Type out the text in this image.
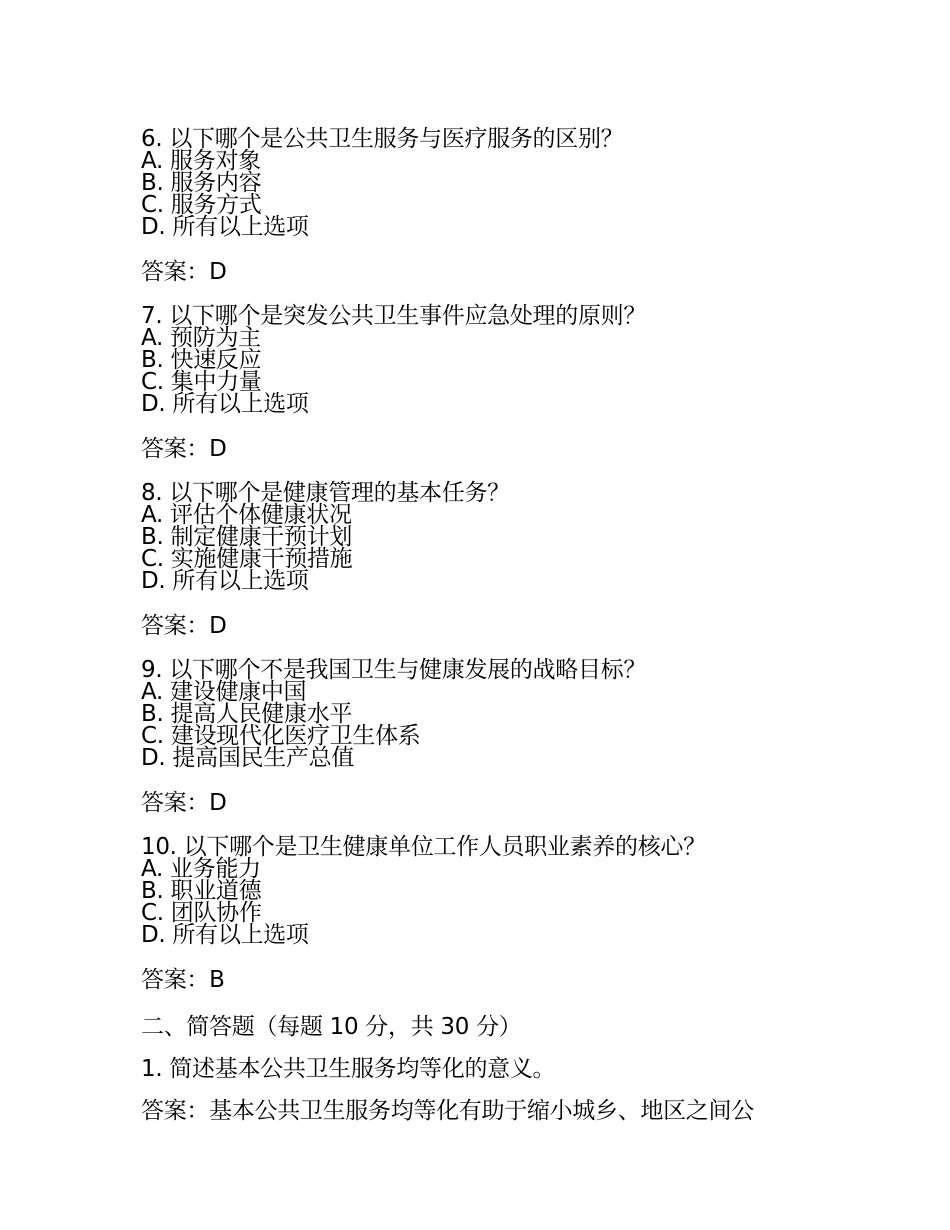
6. 以下哪个是公共卫生服务与医疗服务的区别？
A. 服务对象
B. 服务内容
C. 服务方式
D. 所有以上选项
答案：D
7. 以下哪个是突发公共卫生事件应急处理的原则？
A. 预防为主
B. 快速反应
C. 集中力量
D. 所有以上选项
答案：D
8. 以下哪个是健康管理的基本任务？
A. 评估个体健康状况
B. 制定健康干预计划
C. 实施健康干预措施
D. 所有以上选项
答案：D
9. 以下哪个不是我国卫生与健康发展的战略目标？
A. 建设健康中国
B. 提高人民健康水平
C. 建设现代化医疗卫生体系
D. 提高国民生产总值
答案：D
10. 以下哪个是卫生健康单位工作人员职业素养的核心？
A. 业务能力
B. 职业道德
C. 团队协作
D. 所有以上选项
答案：B
二、简答题（每题 10 分，共 30 分）
1. 简述基本公共卫生服务均等化的意义。
答案：基本公共卫生服务均等化有助于缩小城乡、地区之间公
